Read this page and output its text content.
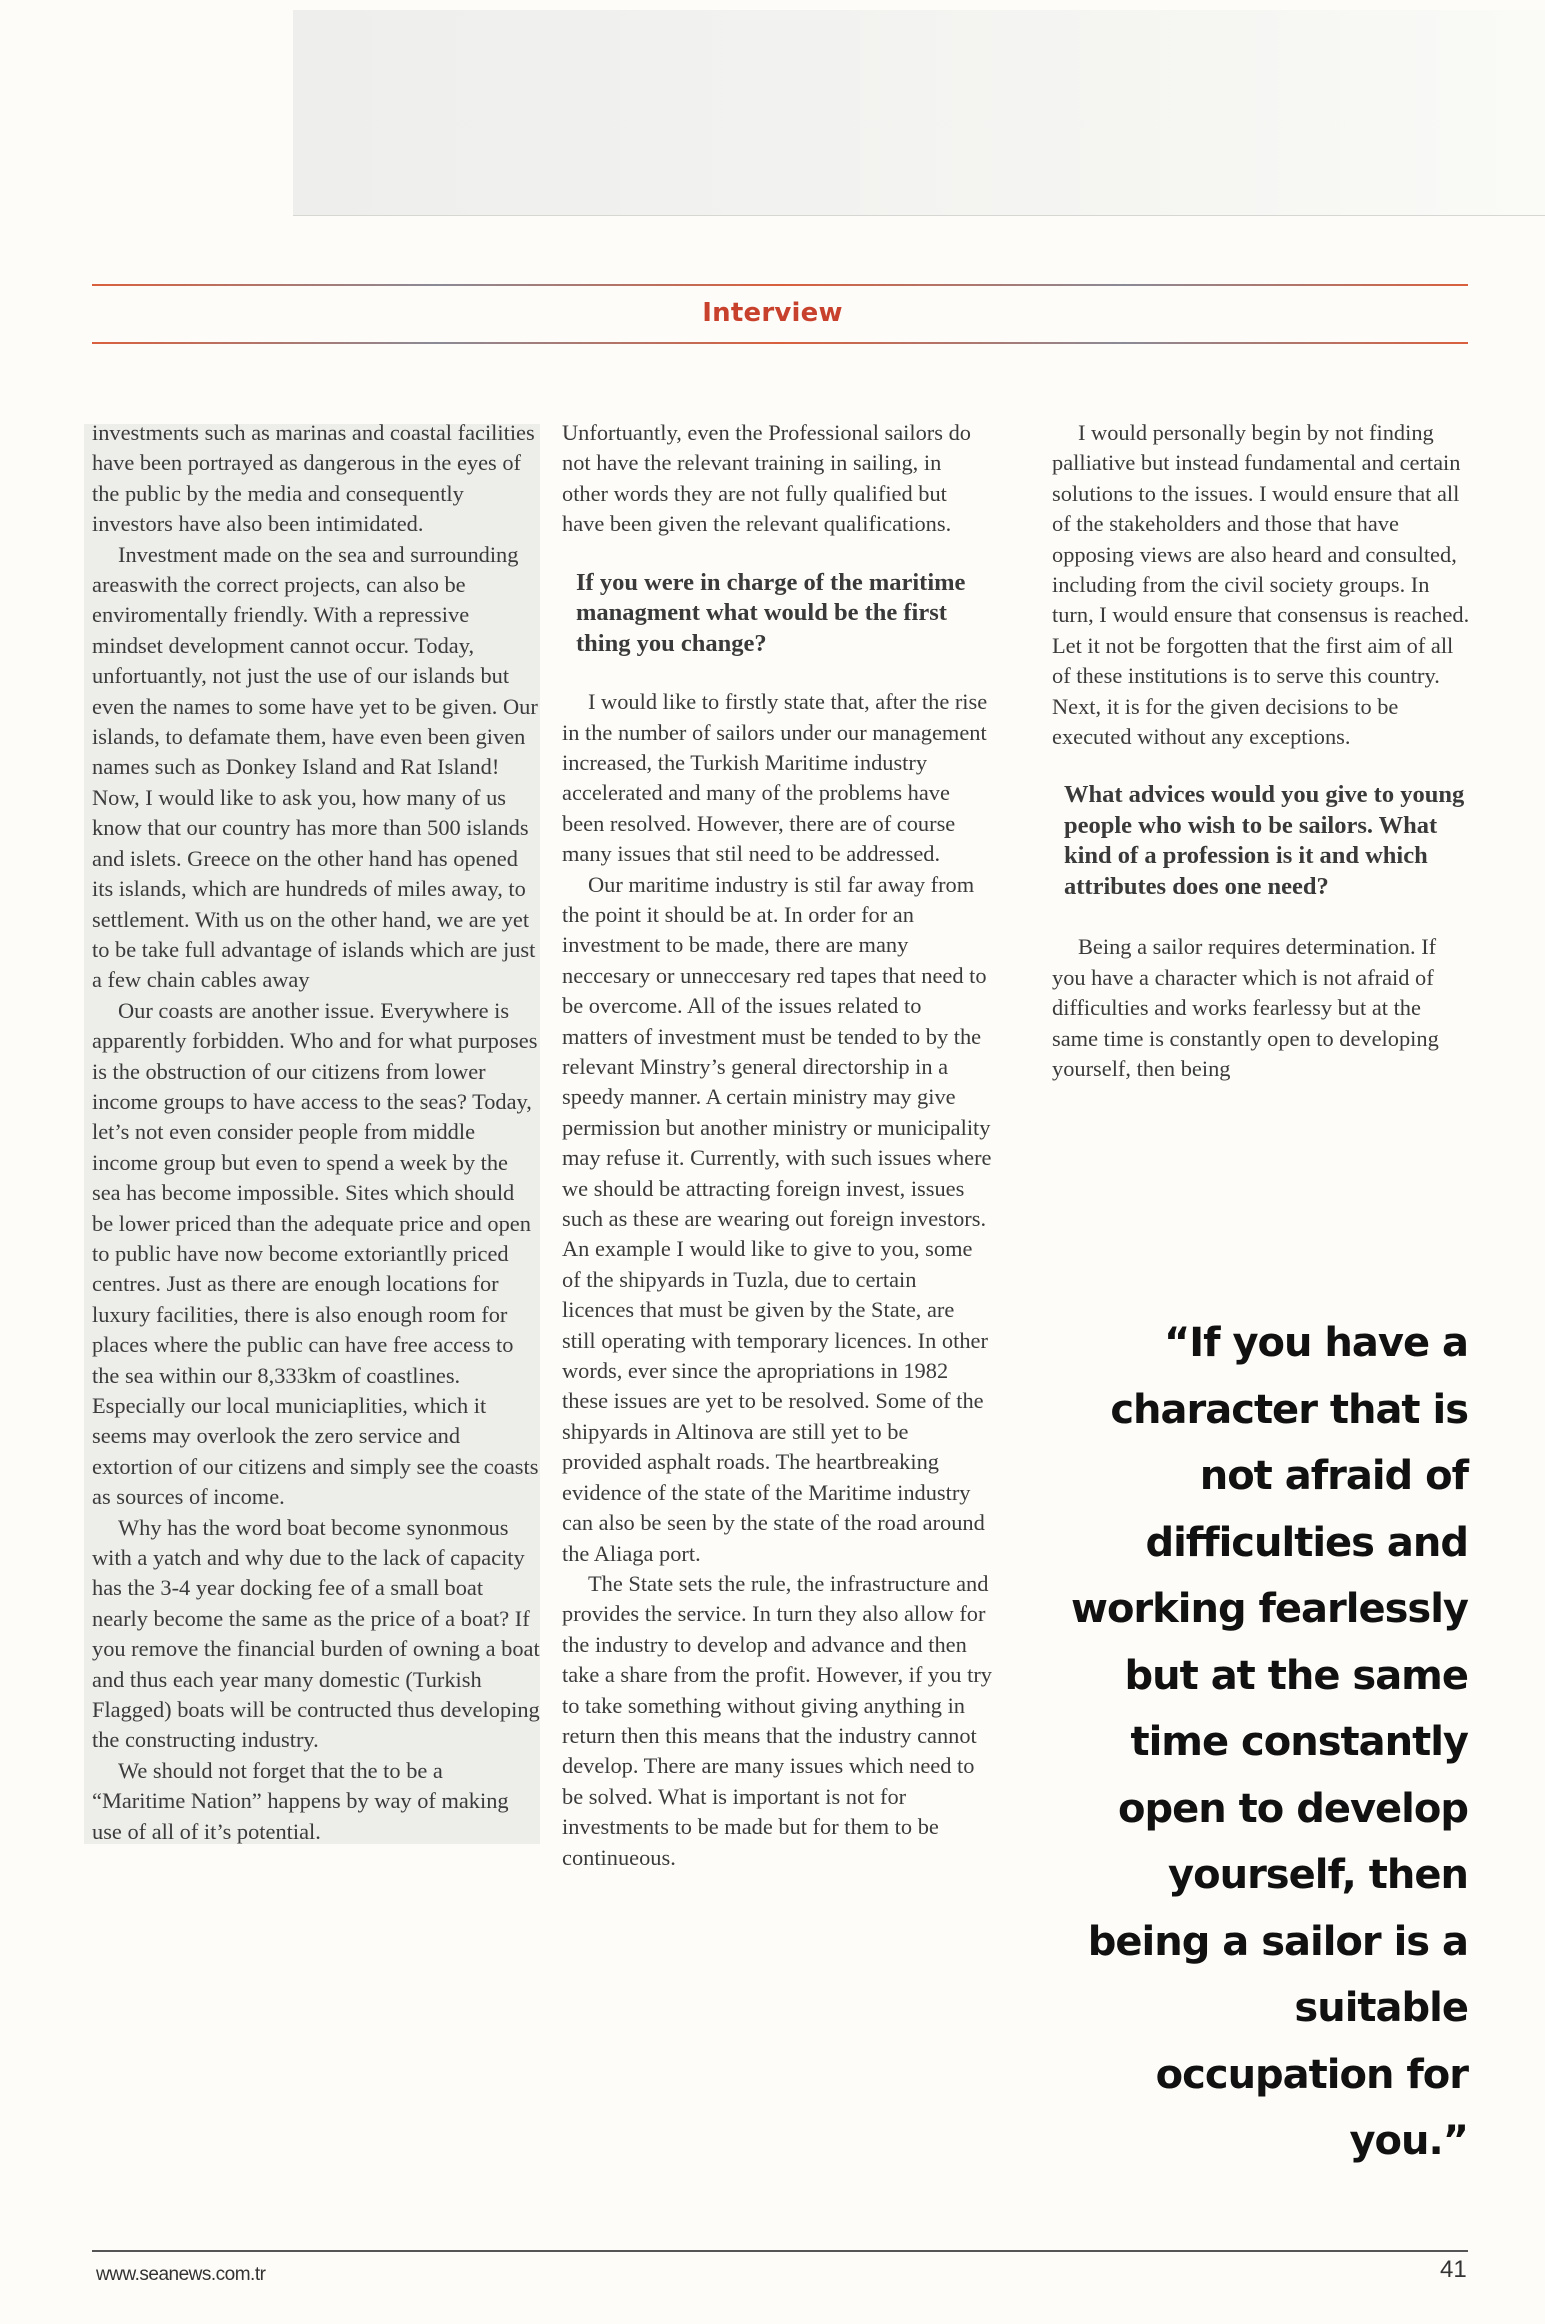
Interview

investments such as marinas and coastal facilities have been portrayed as dangerous in the eyes of the public by the media and consequently investors have also been intimidated.

Investment made on the sea and surrounding areaswith the correct projects, can also be enviromentally friendly. With a repressive mindset development cannot occur. Today, unfortuantly, not just the use of our islands but even the names to some have yet to be given. Our islands, to defamate them, have even been given names such as Donkey Island and Rat Island! Now, I would like to ask you, how many of us know that our country has more than 500 islands and islets. Greece on the other hand has opened its islands, which are hundreds of miles away, to settlement. With us on the other hand, we are yet to be take full advantage of islands which are just a few chain cables away

Our coasts are another issue. Everywhere is apparently forbidden. Who and for what purposes is the obstruction of our citizens from lower income groups to have access to the seas? Today, let’s not even consider people from middle income group but even to spend a week by the sea has become impossible. Sites which should be lower priced than the adequate price and open to public have now become extoriantlly priced centres. Just as there are enough locations for luxury facilities, there is also enough room for places where the public can have free access to the sea within our 8,333km of coastlines. Especially our local municiaplities, which it seems may overlook the zero service and extortion of our citizens and simply see the coasts as sources of income.

Why has the word boat become synonmous with a yatch and why due to the lack of capacity has the 3-4 year docking fee of a small boat nearly become the same as the price of a boat? If you remove the financial burden of owning a boat and thus each year many domestic (Turkish Flagged) boats will be contructed thus developing the constructing industry.

We should not forget that the to be a “Maritime Nation” happens by way of making use of all of it’s potential.

Unfortuantly, even the Professional sailors do not have the relevant training in sailing, in other words they are not fully qualified but have been given the relevant qualifications.

If you were in charge of the maritime managment what would be the first thing you change?

I would like to firstly state that, after the rise in the number of sailors under our management increased, the Turkish Maritime industry accelerated and many of the problems have been resolved. However, there are of course many issues that stil need to be addressed.

Our maritime industry is stil far away from the point it should be at. In order for an investment to be made, there are many neccesary or unneccesary red tapes that need to be overcome. All of the issues related to matters of investment must be tended to by the relevant Minstry’s general directorship in a speedy manner. A certain ministry may give permission but another ministry or municipality may refuse it. Currently, with such issues where we should be attracting foreign invest, issues such as these are wearing out foreign investors. An example I would like to give to you, some of the shipyards in Tuzla, due to certain licences that must be given by the State, are still operating with temporary licences. In other words, ever since the apropriations in 1982 these issues are yet to be resolved. Some of the shipyards in Altinova are still yet to be provided asphalt roads. The heartbreaking evidence of the state of the Maritime industry can also be seen by the state of the road around the Aliaga port.

The State sets the rule, the infrastructure and provides the service. In turn they also allow for the industry to develop and advance and then take a share from the profit. However, if you try to take something without giving anything in return then this means that the industry cannot develop. There are many issues which need to be solved. What is important is not for investments to be made but for them to be continueous.

I would personally begin by not finding palliative but instead fundamental and certain solutions to the issues. I would ensure that all of the stakeholders and those that have opposing views are also heard and consulted, including from the civil society groups. In turn, I would ensure that consensus is reached. Let it not be forgotten that the first aim of all of these institutions is to serve this country. Next, it is for the given decisions to be executed without any exceptions.

What advices would you give to young people who wish to be sailors. What kind of a profession is it and which attributes does one need?

Being a sailor requires determination. If you have a character which is not afraid of difficulties and works fearlessy but at the same time is constantly open to developing yourself, then being

“If you have a character that is not afraid of difficulties and working fearlessly but at the same time constantly open to develop yourself, then being a sailor is a suitable occupation for you.”
www.seanews.com.tr	41
